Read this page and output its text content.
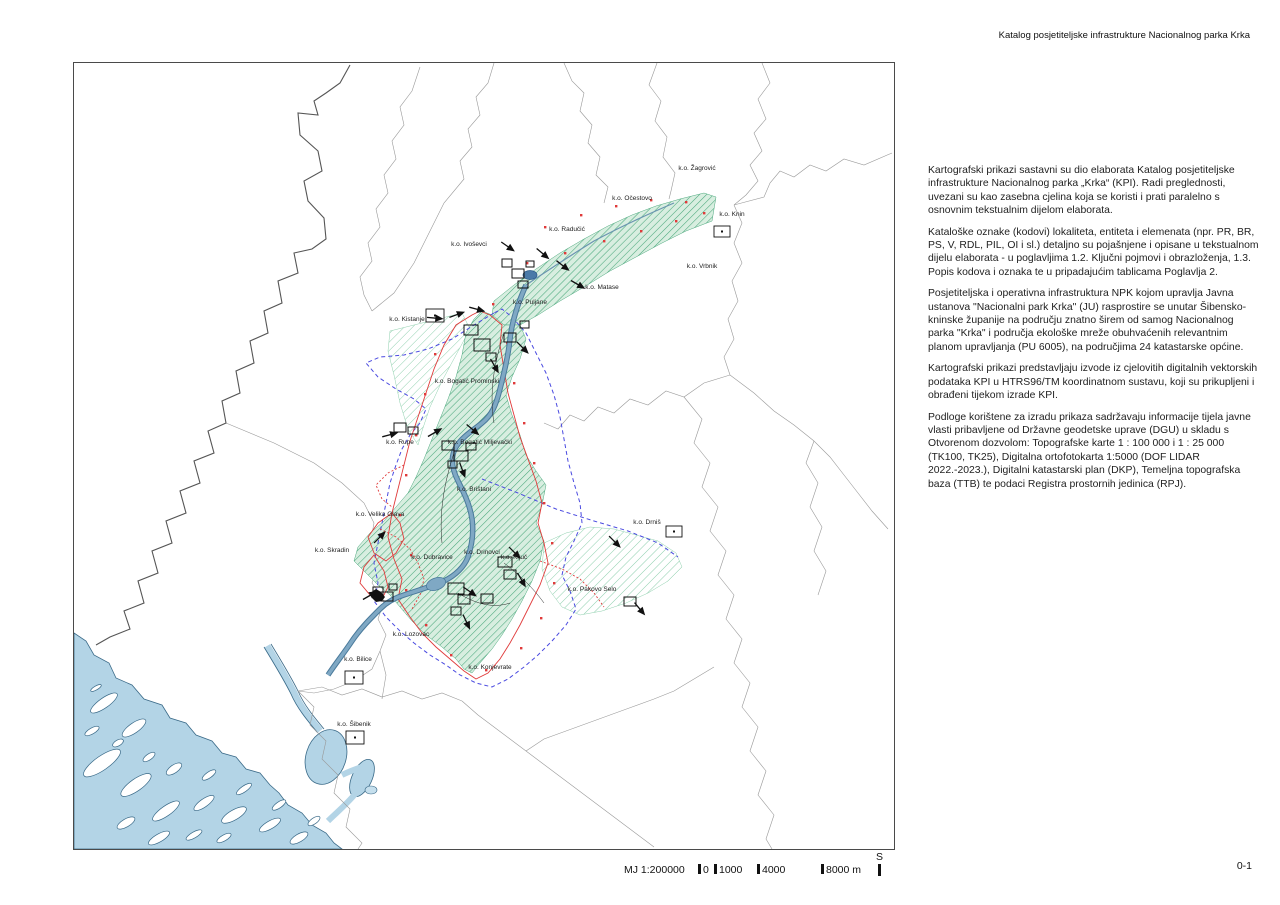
Katalog posjetiteljske infrastrukture Nacionalnog parka Krka
k.o. Žagrović
k.o. Očestovo
k.o. Knin
k.o. Radučić
k.o. Vrbnik
k.o. Ivoševci
k.o. Matase
k.o. Kistanje
k.o. Puljane
k.o. Bogatić Prominski
k.o. Rupe	k.o. Bogatić Miljevački
k.o. Brištani
k.o. Velika Glava
k.o. Drniš
k.o. Skradin
k.o. Dubravice
k.o. Drinovci
k.o. Ključ
k.o. Pakovo Selo
k.o. Lozovac
k.o. Bilice
k.o. Konjevrate
k.o. Šibenik

Kartografski prikazi sastavni su dio elaborata Katalog posjetiteljske infrastrukture Nacionalnog parka „Krka“ (KPI). Radi preglednosti, uvezani su kao zasebna cjelina koja se koristi i prati paralelno s osnovnim tekstualnim dijelom elaborata.

Kataloške oznake (kodovi) lokaliteta, entiteta i elemenata (npr. PR, BR, PS, V, RDL, PIL, OI i sl.) detaljno su pojašnjene i opisane u tekstualnom dijelu elaborata - u poglavljima 1.2. Ključni pojmovi i obrazloženja, 1.3. Popis kodova i oznaka te u pripadajućim tablicama Poglavlja 2.

Posjetiteljska i operativna infrastruktura NPK kojom upravlja Javna ustanova "Nacionalni park Krka" (JU) rasprostire se unutar Šibensko-kninske županije na području znatno širem od samog Nacionalnog parka "Krka" i područja ekološke mreže obuhvaćenih relevantnim planom upravljanja (PU 6005), na područjima 24 katastarske općine.

Kartografski prikazi predstavljaju izvode iz cjelovitih digitalnih vektorskih podataka KPI u HTRS96/TM koordinatnom sustavu, koji su prikupljeni i obrađeni tijekom izrade KPI.

Podloge korištene za izradu prikaza sadržavaju informacije tijela javne vlasti pribavljene od Državne geodetske uprave (DGU) u skladu s Otvorenom dozvolom: Topografske karte 1 : 100 000 i 1 : 25 000 (TK100, TK25), Digitalna ortofotokarta 1:5000 (DOF LIDAR 2022.-2023.), Digitalni katastarski plan (DKP), Temeljna topografska baza (TTB) te podaci Registra prostornih jedinica (RPJ).

MJ 1:200000	0 1000	4000	8000 m
S
0-1
